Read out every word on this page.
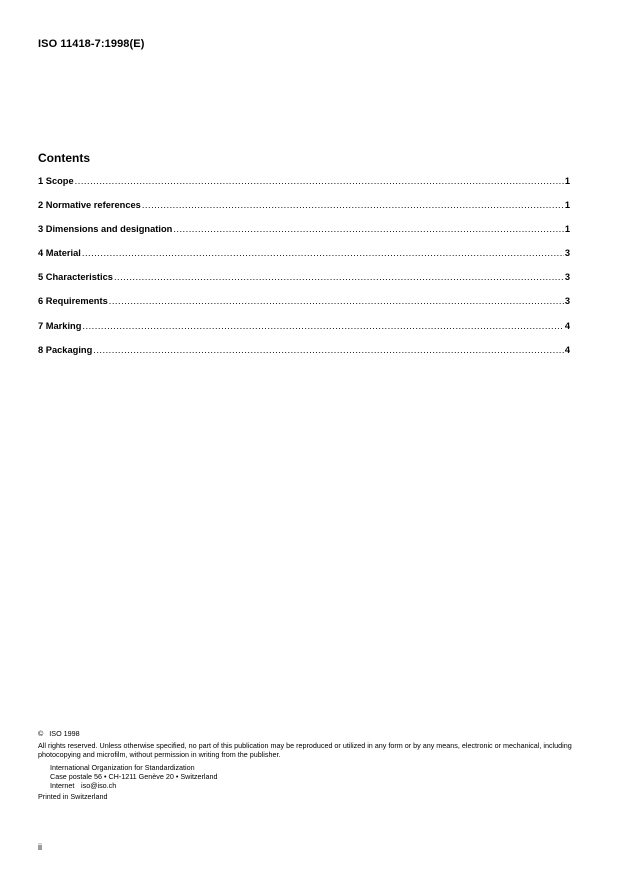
ISO 11418-7:1998(E)
Contents
1 Scope .....	1
2 Normative references .....	1
3 Dimensions and designation .....	1
4 Material .....	3
5 Characteristics .....	3
6 Requirements .....	3
7 Marking .....	4
8 Packaging .....	4

© ISO 1998

All rights reserved. Unless otherwise specified, no part of this publication may be reproduced or utilized in any form or by any means, electronic or mechanical, including photocopying and microfilm, without permission in writing from the publisher.

International Organization for Standardization

Case postale 56 • CH-1211 Genève 20 • Switzerland

Internet iso@iso.ch

Printed in Switzerland

ii
